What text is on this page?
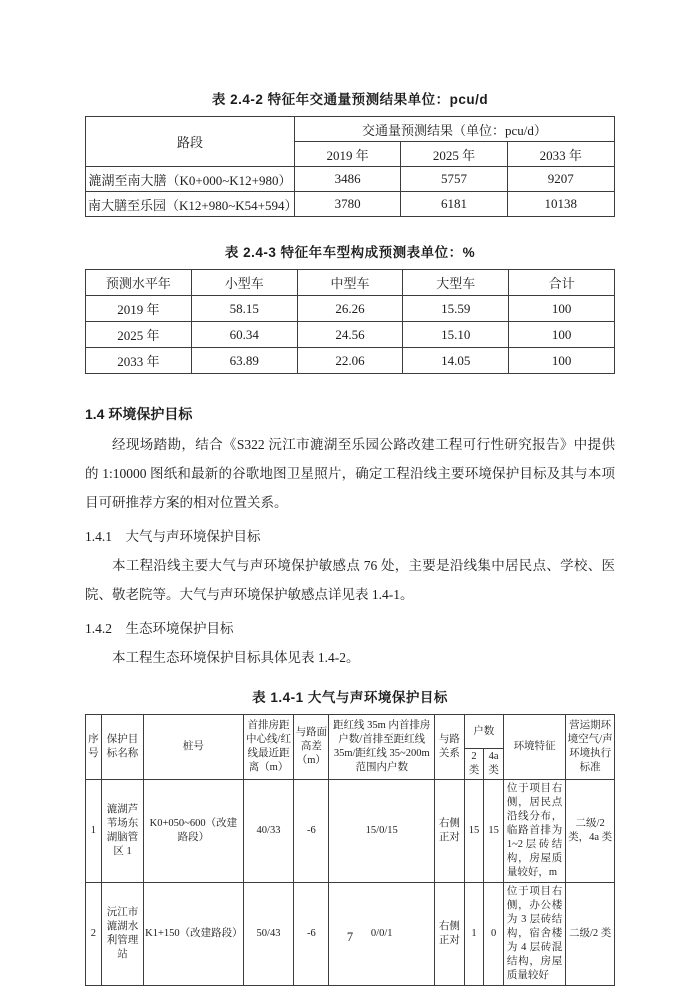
表 2.4-2 特征年交通量预测结果单位：pcu/d
路段	交通量预测结果（单位：pcu/d）		
	2019 年	2025 年	2033 年
漉湖至南大膳（K0+000~K12+980）	3486	5757	9207
南大膳至乐园（K12+980~K54+594）	3780	6181	10138
表 2.4-3 特征年车型构成预测表单位：%
预测水平年	小型车	中型车	大型车	合计
2019 年	58.15	26.26	15.59	100
2025 年	60.34	24.56	15.10	100
2033 年	63.89	22.06	14.05	100
1.4 环境保护目标

经现场踏勘，结合《S322 沅江市漉湖至乐园公路改建工程可行性研究报告》中提供的 1:10000 图纸和最新的谷歌地图卫星照片，确定工程沿线主要环境保护目标及其与本项目可研推荐方案的相对位置关系。

1.4.1　大气与声环境保护目标

本工程沿线主要大气与声环境保护敏感点 76 处，主要是沿线集中居民点、学校、医院、敬老院等。大气与声环境保护敏感点详见表 1.4-1。

1.4.2　生态环境保护目标

本工程生态环境保护目标具体见表 1.4-2。

表 1.4-1 大气与声环境保护目标
序号	保护目标名称	桩号	首排房距中心线/红线最近距离（m）	与路面高差（m）	距红线 35m 内首排房户数/首排至距红线 35m/距红线 35~200m 范围内户数	与路关系	户数		环境特征	营运期环境空气/声环境执行标准
							2 类	4a 类		
1	漉湖芦苇场东湖脑管区 1	K0+050~600（改建路段）	40/33	-6	15/0/15	右侧正对	15	15	位于项目右侧，居民点沿线分布，临路首排为1~2层砖结构，房屋质量较好，m	二级/2 类，4a 类
2	沅江市漉湖水利管理站	K1+150（改建路段）	50/43	-6	0/0/1	右侧正对	1	0	位于项目右侧，办公楼为 3 层砖结构，宿舍楼为 4 层砖混结构，房屋质量较好	二级/2 类
7
